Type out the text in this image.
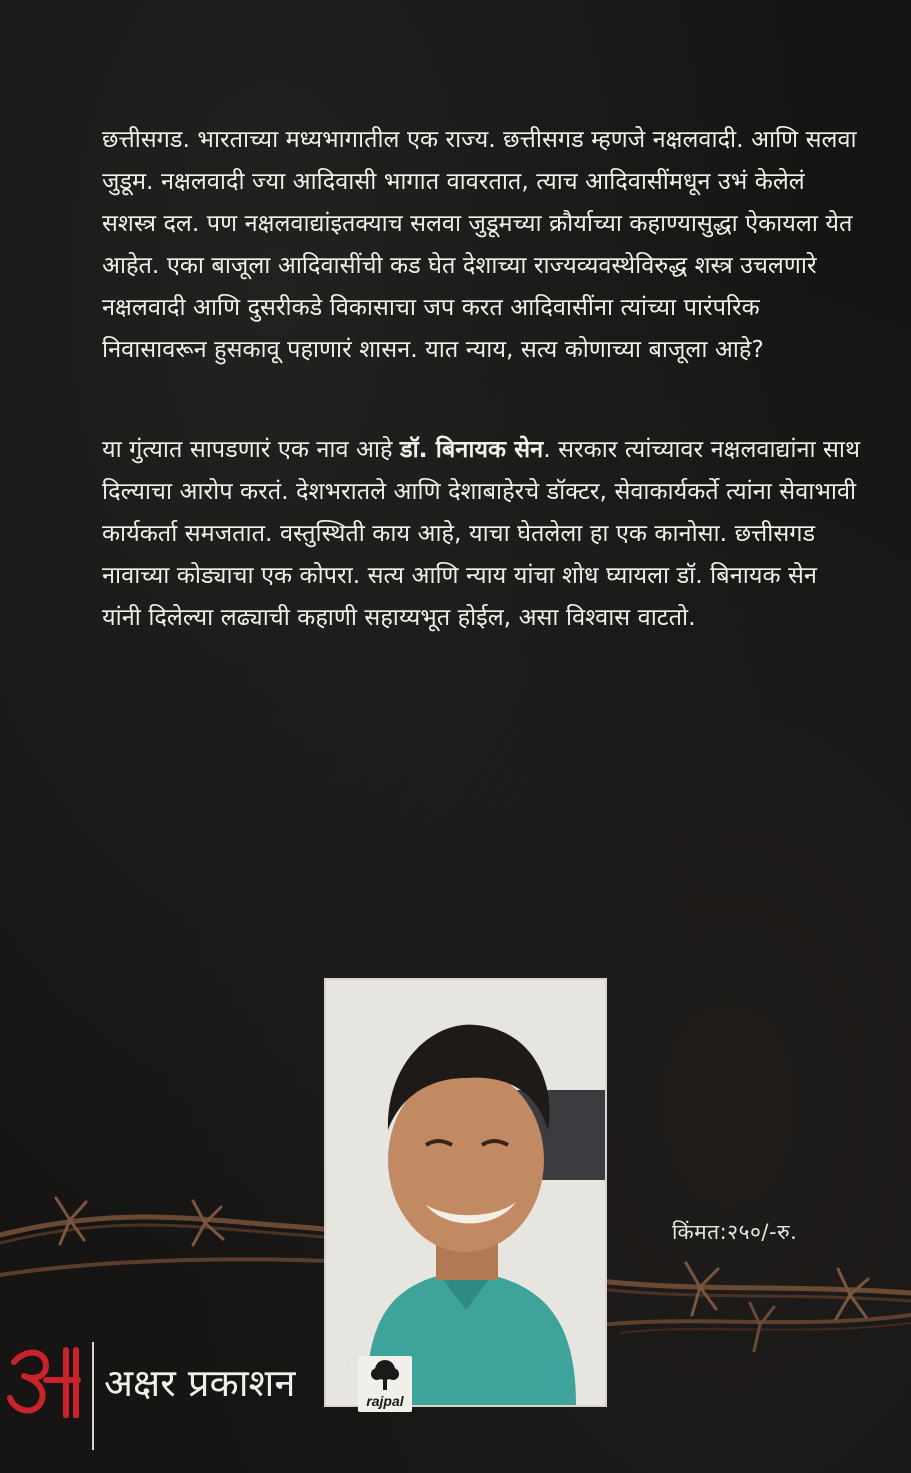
छत्तीसगड. भारताच्या मध्यभागातील एक राज्य. छत्तीसगड म्हणजे नक्षलवादी. आणि सलवा जुडूम. नक्षलवादी ज्या आदिवासी भागात वावरतात, त्याच आदिवासींमधून उभं केलेलं सशस्त्र दल. पण नक्षलवाद्यांइतक्याच सलवा जुडूमच्या क्रौर्याच्या कहाण्यासुद्धा ऐकायला येत आहेत. एका बाजूला आदिवासींची कड घेत देशाच्या राज्यव्यवस्थेविरुद्ध शस्त्र उचलणारे नक्षलवादी आणि दुसरीकडे विकासाचा जप करत आदिवासींना त्यांच्या पारंपरिक निवासावरून हुसकावू पहाणारं शासन. यात न्याय, सत्य कोणाच्या बाजूला आहे?

या गुंत्यात सापडणारं एक नाव आहे डॉ. बिनायक सेन. सरकार त्यांच्यावर नक्षलवाद्यांना साथ दिल्याचा आरोप करतं. देशभरातले आणि देशाबाहेरचे डॉक्टर, सेवाकार्यकर्ते त्यांना सेवाभावी कार्यकर्ता समजतात. वस्तुस्थिती काय आहे, याचा घेतलेला हा एक कानोसा. छत्तीसगड नावाच्या कोड्याचा एक कोपरा. सत्य आणि न्याय यांचा शोध घ्यायला डॉ. बिनायक सेन यांनी दिलेल्या लढ्याची कहाणी सहाय्यभूत होईल, असा विश्वास वाटतो.

किंमत:२५०/-रु.
अक्षर प्रकाशन /	rajpal
